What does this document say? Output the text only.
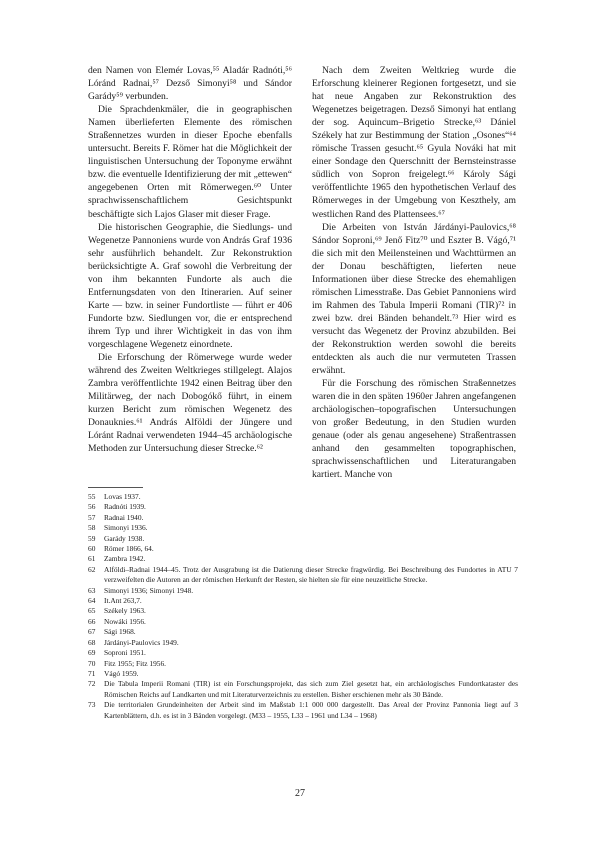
den Namen von Elemér Lovas,⁵⁵ Aladár Radnóti,⁵⁶ Lóránd Radnai,⁵⁷ Dezső Simonyi⁵⁸ und Sándor Garády⁵⁹ verbunden.

Die Sprachdenkmäler, die in geographischen Namen überlieferten Elemente des römischen Straßennetzes wurden in dieser Epoche ebenfalls untersucht. Bereits F. Römer hat die Möglichkeit der linguistischen Untersuchung der Toponyme erwähnt bzw. die eventuelle Identifizierung der mit „ettewen“ angegebenen Orten mit Römerwegen.⁶⁰ Unter sprachwissenschaftlichem Gesichtspunkt beschäftigte sich Lajos Glaser mit dieser Frage.

Die historischen Geographie, die Siedlungs- und Wegenetze Pannoniens wurde von András Graf 1936 sehr ausführlich behandelt. Zur Rekonstruktion berücksichtigte A. Graf sowohl die Verbreitung der von ihm bekannten Fundorte als auch die Entfernungsdaten von den Itinerarien. Auf seiner Karte — bzw. in seiner Fundortliste — führt er 406 Fundorte bzw. Siedlungen vor, die er entsprechend ihrem Typ und ihrer Wichtigkeit in das von ihm vorgeschlagene Wegenetz einordnete.

Die Erforschung der Römerwege wurde weder während des Zweiten Weltkrieges stillgelegt. Alajos Zambra veröffentlichte 1942 einen Beitrag über den Militärweg, der nach Dobogókő führt, in einem kurzen Bericht zum römischen Wegenetz des Donauknies.⁶¹ András Alföldi der Jüngere und Lóránt Radnai verwendeten 1944–45 archäologische Methoden zur Untersuchung dieser Strecke.⁶²

Nach dem Zweiten Weltkrieg wurde die Erforschung kleinerer Regionen fortgesetzt, und sie hat neue Angaben zur Rekonstruktion des Wegenetzes beigetragen. Dezső Simonyi hat entlang der sog. Aquincum–Brigetio Strecke,⁶³ Dániel Székely hat zur Bestimmung der Station „Osones“⁶⁴ römische Trassen gesucht.⁶⁵ Gyula Nováki hat mit einer Sondage den Querschnitt der Bernsteinstrasse südlich von Sopron freigelegt.⁶⁶ Károly Sági veröffentlichte 1965 den hypothetischen Verlauf des Römerweges in der Umgebung von Keszthely, am westlichen Rand des Plattensees.⁶⁷

Die Arbeiten von István Járdányi-Paulovics,⁶⁸ Sándor Soproni,⁶⁹ Jenő Fitz⁷⁰ und Eszter B. Vágó,⁷¹ die sich mit den Meilensteinen und Wachttürmen an der Donau beschäftigten, lieferten neue Informationen über diese Strecke des ehemahligen römischen Limesstraße. Das Gebiet Pannoniens wird im Rahmen des Tabula Imperii Romani (TIR)⁷² in zwei bzw. drei Bänden behandelt.⁷³ Hier wird es versucht das Wegenetz der Provinz abzubilden. Bei der Rekonstruktion werden sowohl die bereits entdeckten als auch die nur vermuteten Trassen erwähnt.

Für die Forschung des römischen Straßennetzes waren die in den späten 1960er Jahren angefangenen archäologischen–topografischen Untersuchungen von großer Bedeutung, in den Studien wurden genaue (oder als genau angesehene) Straßentrassen anhand den gesammelten topographischen, sprachwissenschaftlichen und Literaturangaben kartiert. Manche von

55	Lovas 1937.
56	Radnóti 1939.
57	Radnai 1940.
58	Simonyi 1936.
59	Garády 1938.
60	Römer 1866, 64.
61	Zambra 1942.
62	Alföldi–Radnai 1944–45. Trotz der Ausgrabung ist die Datierung dieser Strecke fragwürdig. Bei Beschreibung des Fundortes in ATU 7 verzweifelten die Autoren an der römischen Herkunft der Resten, sie hielten sie für eine neuzeitliche Strecke.
63	Simonyi 1936; Simonyi 1948.
64	It.Ant 263,7.
65	Székely 1963.
66	Nowáki 1956.
67	Sági 1968.
68	Járdányi-Paulovics 1949.
69	Soproni 1951.
70	Fitz 1955; Fitz 1956.
71	Vágó 1959.
72	Die Tabula Imperii Romani (TIR) ist ein Forschungsprojekt, das sich zum Ziel gesetzt hat, ein archäologisches Fundortkataster des Römischen Reichs auf Landkarten und mit Literaturverzeichnis zu erstellen. Bisher erschienen mehr als 30 Bände.
73	Die territorialen Grundeinheiten der Arbeit sind im Maßstab 1:1 000 000 dargestellt. Das Areal der Provinz Pannonia liegt auf 3 Kartenblättern, d.h. es ist in 3 Bänden vorgelegt. (M33 – 1955, L33 – 1961 und L34 – 1968)
27
